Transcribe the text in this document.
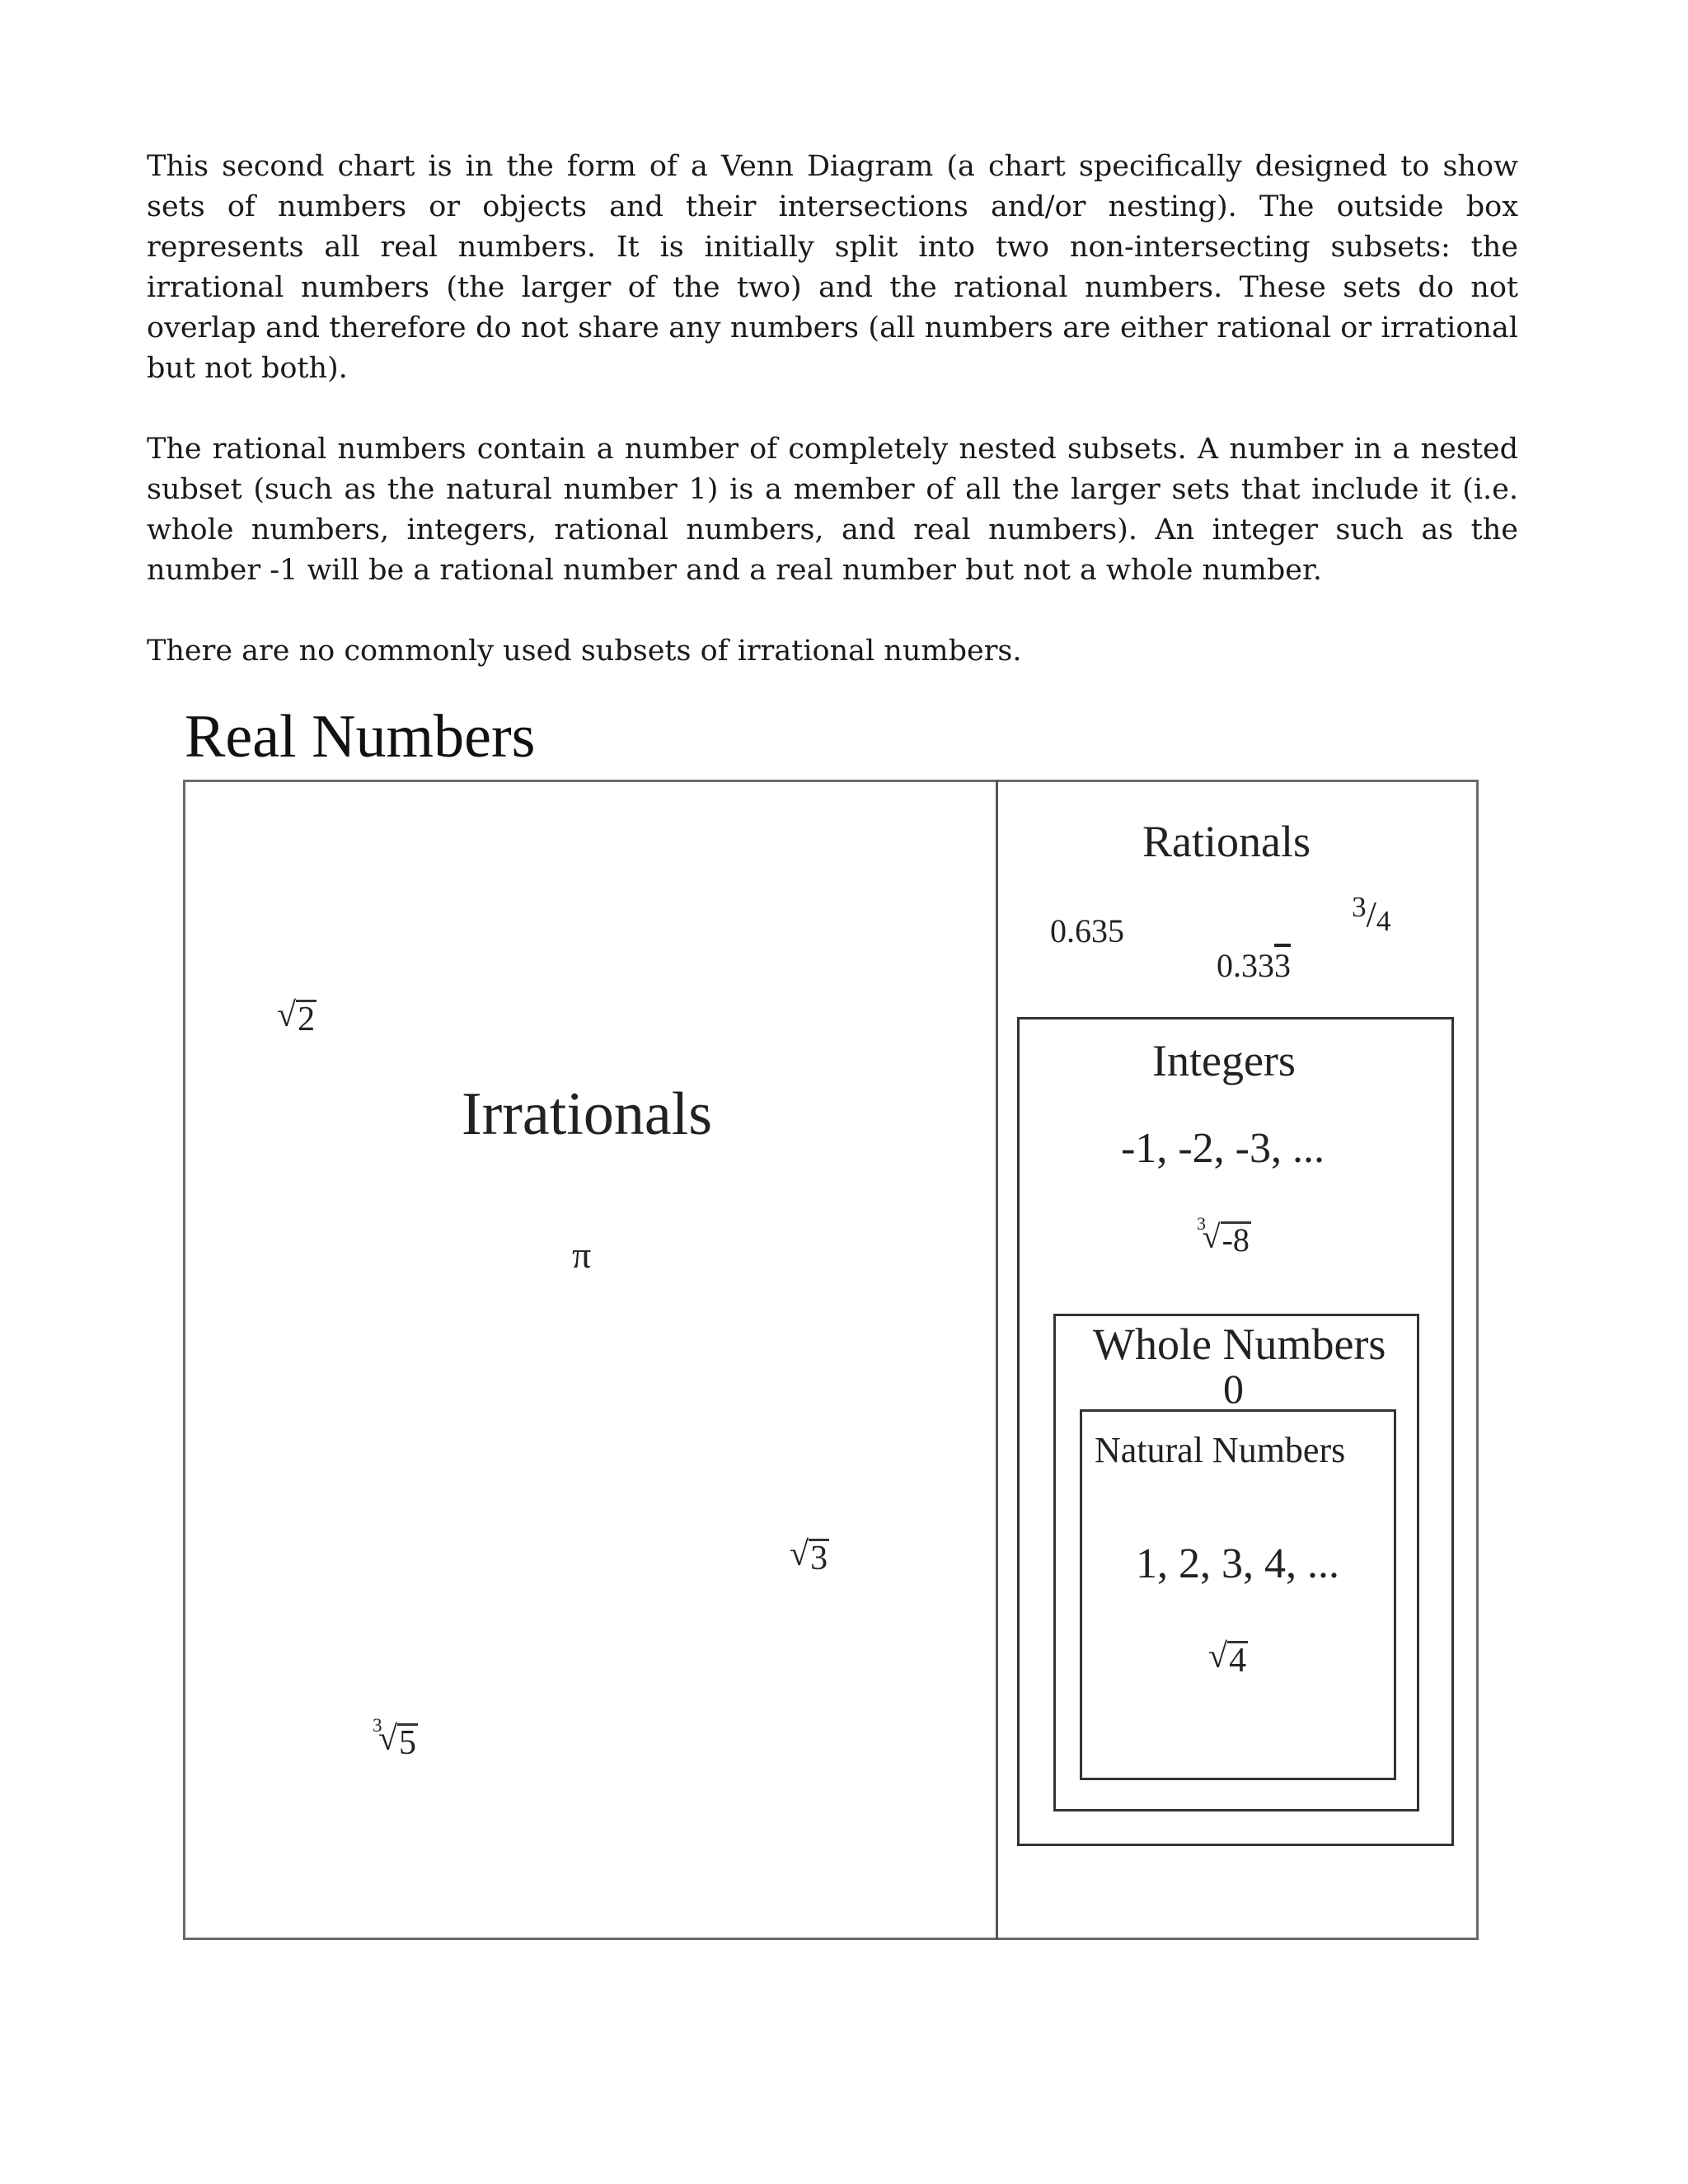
This second chart is in the form of a Venn Diagram (a chart specifically designed to show sets of numbers or objects and their intersections and/or nesting). The outside box represents all real numbers. It is initially split into two non-intersecting subsets: the irrational numbers (the larger of the two) and the rational numbers. These sets do not overlap and therefore do not share any numbers (all numbers are either rational or irrational but not both).

The rational numbers contain a number of completely nested subsets. A number in a nested subset (such as the natural number 1) is a member of all the larger sets that include it (i.e. whole numbers, integers, rational numbers, and real numbers). An integer such as the number -1 will be a rational number and a real number but not a whole number.

There are no commonly used subsets of irrational numbers.

Real Numbers
Irrationals
√ 2
π
√ 3
3
√ 5
Rationals
0.635
0.333
$^3$/4
Integers
-1, -2, -3, ...
3
√ -8
Whole Numbers
0
Natural Numbers
1, 2, 3, 4, ...
√ 4
